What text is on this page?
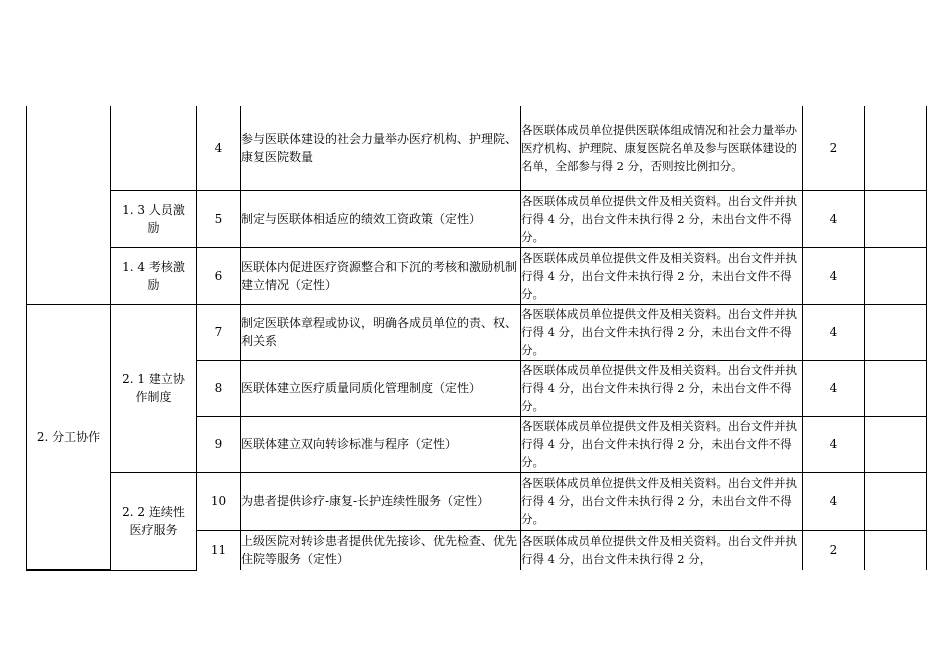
		4	参与医联体建设的社会力量举办医疗机构、护理院、康复医院数量	各医联体成员单位提供医联体组成情况和社会力量举办医疗机构、护理院、康复医院名单及参与医联体建设的名单，全部参与得 2 分，否则按比例扣分。	2	

	1. 3 人员激
励	5	制定与医联体相适应的绩效工资政策（定性）	各医联体成员单位提供文件及相关资料。出台文件并执行得 4 分，出台文件未执行得 2 分，未出台文件不得分。	4	

	1. 4 考核激
励	6	医联体内促进医疗资源整合和下沉的考核和激励机制建立情况（定性）	各医联体成员单位提供文件及相关资料。出台文件并执行得 4 分，出台文件未执行得 2 分，未出台文件不得分。	4	
2. 分工协作	2. 1 建立协
作制度	7	制定医联体章程或协议，明确各成员单位的责、权、利关系	各医联体成员单位提供文件及相关资料。出台文件并执行得 4 分，出台文件未执行得 2 分，未出台文件不得分。	4	
		8	医联体建立医疗质量同质化管理制度（定性）	各医联体成员单位提供文件及相关资料。出台文件并执行得 4 分，出台文件未执行得 2 分，未出台文件不得分。	4	
		9	医联体建立双向转诊标准与程序（定性）	各医联体成员单位提供文件及相关资料。出台文件并执行得 4 分，出台文件未执行得 2 分，未出台文件不得分。	4	

	2. 2 连续性
医疗服务	10	为患者提供诊疗-康复-长护连续性服务（定性）	各医联体成员单位提供文件及相关资料。出台文件并执行得 4 分，出台文件未执行得 2 分，未出台文件不得分。	4	
		11	上级医院对转诊患者提供优先接诊、优先检查、优先住院等服务（定性）	各医联体成员单位提供文件及相关资料。出台文件并执行得 4 分，出台文件未执行得 2 分，	2	
